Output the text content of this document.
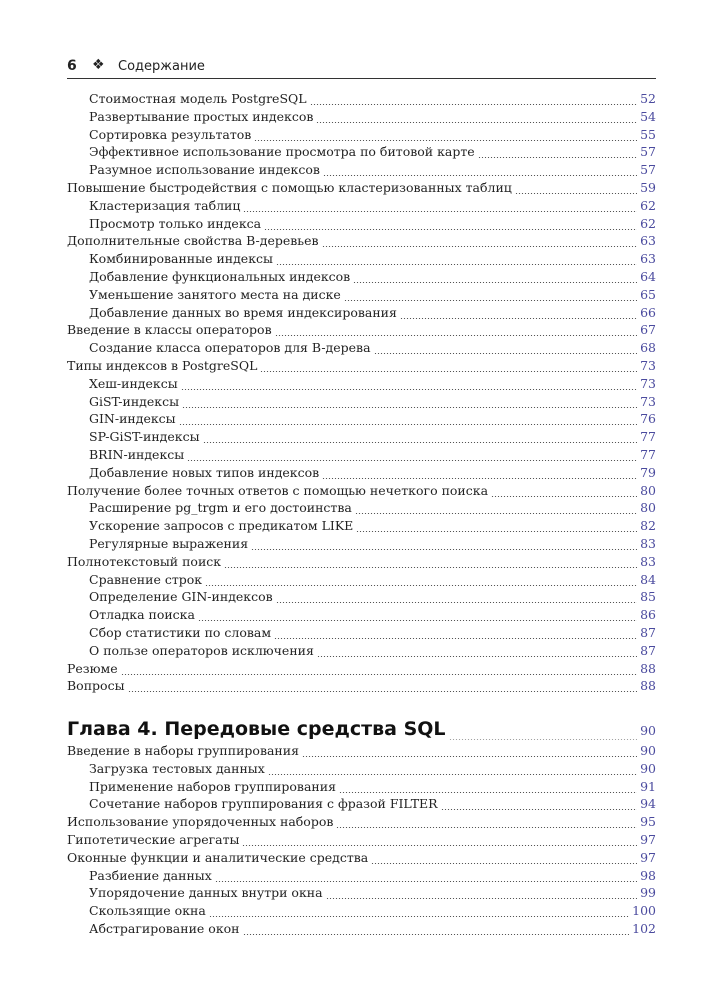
6 ❖ Содержание
Стоимостная модель PostgreSQL	52
Развертывание простых индексов	54
Сортировка результатов	55
Эффективное использование просмотра по битовой карте	57
Разумное использование индексов	57
Повышение быстродействия с помощью кластеризованных таблиц	59
Кластеризация таблиц	62
Просмотр только индекса	62
Дополнительные свойства B-деревьев	63
Комбинированные индексы	63
Добавление функциональных индексов	64
Уменьшение занятого места на диске	65
Добавление данных во время индексирования	66
Введение в классы операторов	67
Создание класса операторов для B-дерева	68
Типы индексов в PostgreSQL	73
Хеш-индексы	73
GiST-индексы	73
GIN-индексы	76
SP-GiST-индексы	77
BRIN-индексы	77
Добавление новых типов индексов	79
Получение более точных ответов с помощью нечеткого поиска	80
Расширение pg_trgm и его достоинства	80
Ускорение запросов с предикатом LIKE	82
Регулярные выражения	83
Полнотекстовый поиск	83
Сравнение строк	84
Определение GIN-индексов	85
Отладка поиска	86
Сбор статистики по словам	87
О пользе операторов исключения	87
Резюме	88
Вопросы	88
Глава 4. Передовые средства SQL	90
Введение в наборы группирования	90
Загрузка тестовых данных	90
Применение наборов группирования	91
Сочетание наборов группирования с фразой FILTER	94
Использование упорядоченных наборов	95
Гипотетические агрегаты	97
Оконные функции и аналитические средства	97
Разбиение данных	98
Упорядочение данных внутри окна	99
Скользящие окна	100
Абстрагирование окон	102
